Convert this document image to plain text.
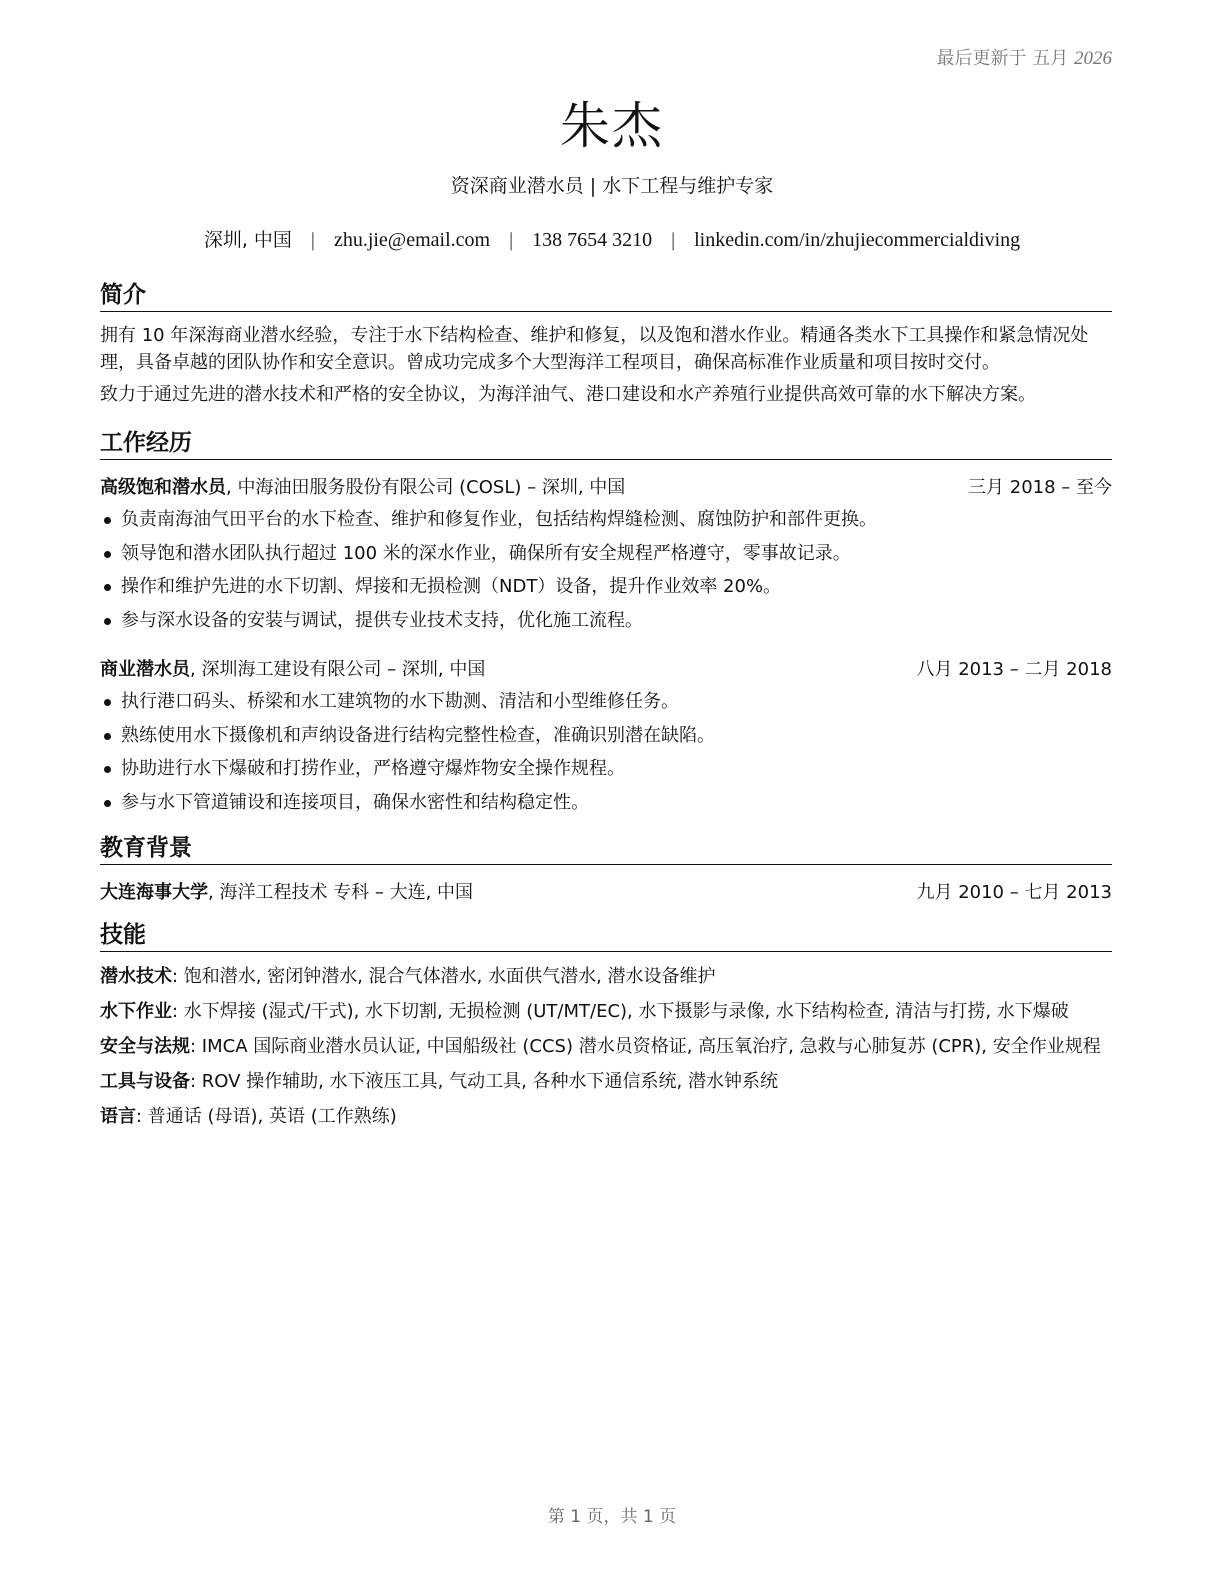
最后更新于 五月 2026
朱杰
资深商业潜水员 | 水下工程与维护专家
深圳, 中国 | zhu.jie@email.com | 138 7654 3210 | linkedin.com/in/zhujiecommercialdiving
简介

拥有 10 年深海商业潜水经验，专注于水下结构检查、维护和修复，以及饱和潜水作业。精通各类水下工具操作和紧急情况处理，具备卓越的团队协作和安全意识。曾成功完成多个大型海洋工程项目，确保高标准作业质量和项目按时交付。

致力于通过先进的潜水技术和严格的安全协议，为海洋油气、港口建设和水产养殖行业提供高效可靠的水下解决方案。

工作经历
高级饱和潜水员, 中海油田服务股份有限公司 (COSL) – 深圳, 中国	三月 2018 – 至今
负责南海油气田平台的水下检查、维护和修复作业，包括结构焊缝检测、腐蚀防护和部件更换。
领导饱和潜水团队执行超过 100 米的深水作业，确保所有安全规程严格遵守，零事故记录。
操作和维护先进的水下切割、焊接和无损检测（NDT）设备，提升作业效率 20%。
参与深水设备的安装与调试，提供专业技术支持，优化施工流程。
商业潜水员, 深圳海工建设有限公司 – 深圳, 中国	八月 2013 – 二月 2018
执行港口码头、桥梁和水工建筑物的水下勘测、清洁和小型维修任务。
熟练使用水下摄像机和声纳设备进行结构完整性检查，准确识别潜在缺陷。
协助进行水下爆破和打捞作业，严格遵守爆炸物安全操作规程。
参与水下管道铺设和连接项目，确保水密性和结构稳定性。
教育背景
大连海事大学, 海洋工程技术 专科 – 大连, 中国	九月 2010 – 七月 2013
技能
潜水技术: 饱和潜水, 密闭钟潜水, 混合气体潜水, 水面供气潜水, 潜水设备维护
水下作业: 水下焊接 (湿式/干式), 水下切割, 无损检测 (UT/MT/EC), 水下摄影与录像, 水下结构检查, 清洁与打捞, 水下爆破
安全与法规: IMCA 国际商业潜水员认证, 中国船级社 (CCS) 潜水员资格证, 高压氧治疗, 急救与心肺复苏 (CPR), 安全作业规程
工具与设备: ROV 操作辅助, 水下液压工具, 气动工具, 各种水下通信系统, 潜水钟系统
语言: 普通话 (母语), 英语 (工作熟练)
第 1 页，共 1 页
